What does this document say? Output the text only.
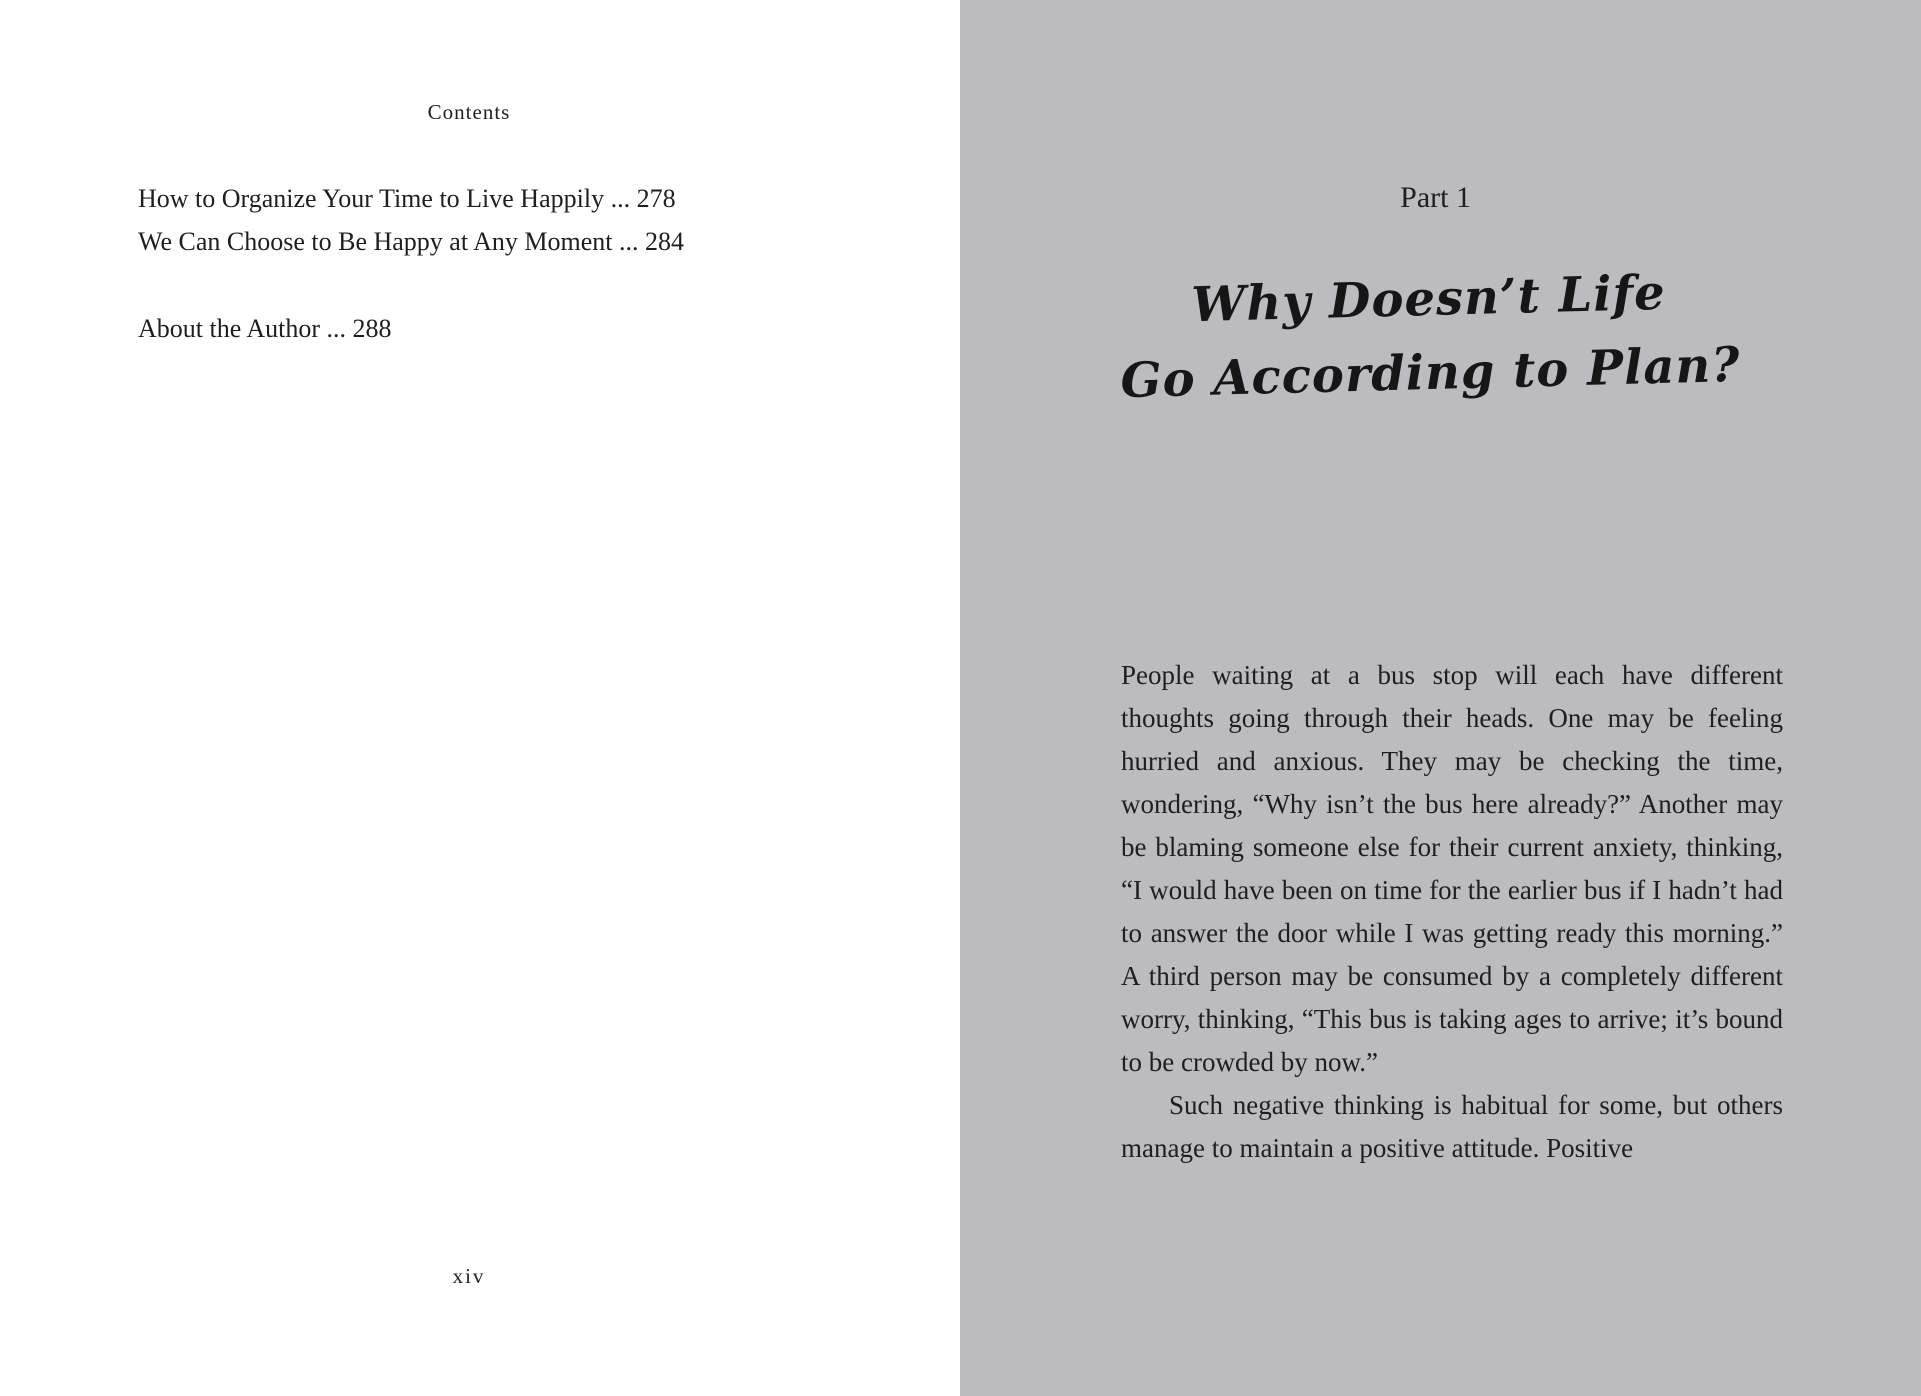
Contents

How to Organize Your Time to Live Happily ... 278
We Can Choose to Be Happy at Any Moment ... 284
About the Author ... 288

xiv

Part 1

Why Doesn’t Life
Go According to Plan?

People waiting at a bus stop will each have different thoughts going through their heads. One may be feeling hurried and anxious. They may be checking the time, wondering, “Why isn’t the bus here already?” Another may be blaming someone else for their current anxiety, thinking, “I would have been on time for the earlier bus if I hadn’t had to answer the door while I was getting ready this morning.” A third person may be consumed by a completely different worry, thinking, “This bus is taking ages to arrive; it’s bound to be crowded by now.”

Such negative thinking is habitual for some, but others manage to maintain a positive attitude. Positive
